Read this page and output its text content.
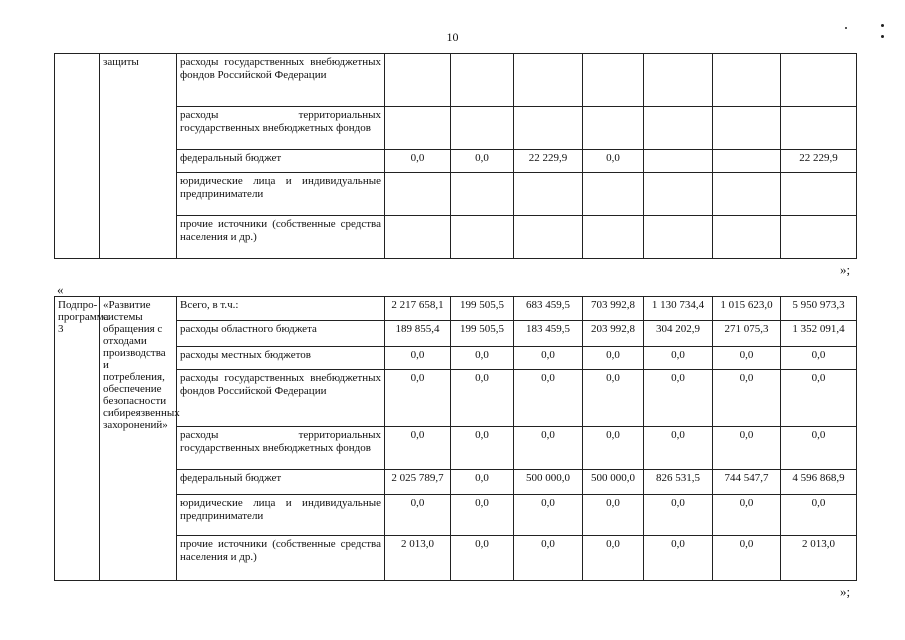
10
	защиты	расходы государственных внебюджетных фондов Российской Федерации							
		расходы территориальных государственных внебюджетных фондов							
		федеральный бюджет	0,0	0,0	22 229,9	0,0			22 229,9
		юридические лица и индивидуальные предприниматели							
		прочие источники (собственные средства населения и др.)							
»;
«
Подпро-программа 3	«Развитие системы обращения с отходами производства и потребления, обеспечение безопасности сибиреязвенных захоронений»	Всего, в т.ч.:	2 217 658,1	199 505,5	683 459,5	703 992,8	1 130 734,4	1 015 623,0	5 950 973,3
		расходы областного бюджета	189 855,4	199 505,5	183 459,5	203 992,8	304 202,9	271 075,3	1 352 091,4
		расходы местных бюджетов	0,0	0,0	0,0	0,0	0,0	0,0	0,0
		расходы государственных внебюджетных фондов Российской Федерации	0,0	0,0	0,0	0,0	0,0	0,0	0,0
		расходы территориальных государственных внебюджетных фондов	0,0	0,0	0,0	0,0	0,0	0,0	0,0
		федеральный бюджет	2 025 789,7	0,0	500 000,0	500 000,0	826 531,5	744 547,7	4 596 868,9
		юридические лица и индивидуальные предприниматели	0,0	0,0	0,0	0,0	0,0	0,0	0,0
		прочие источники (собственные средства населения и др.)	2 013,0	0,0	0,0	0,0	0,0	0,0	2 013,0
»;
